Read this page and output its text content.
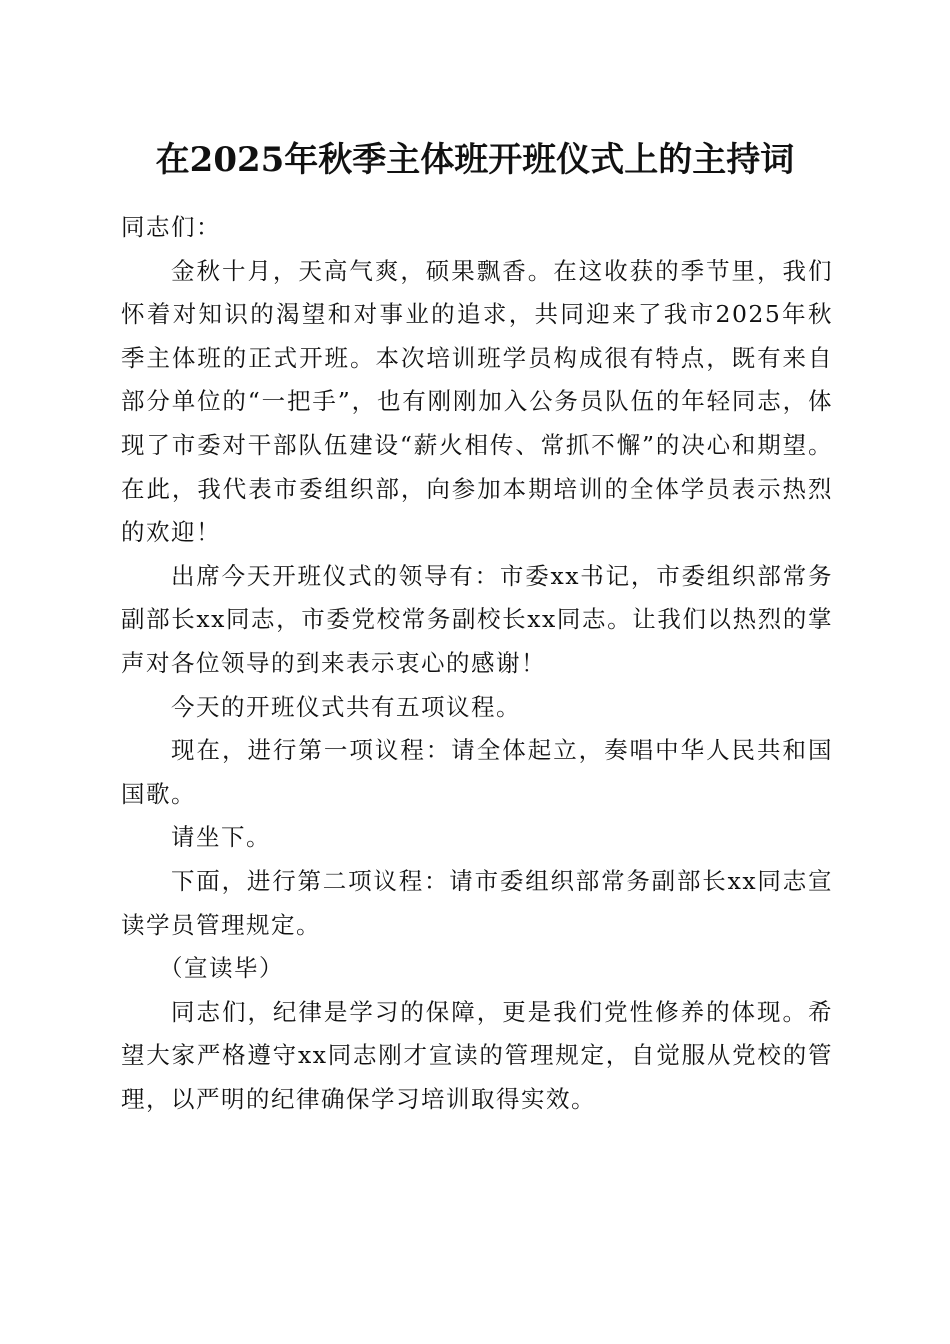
在2025年秋季主体班开班仪式上的主持词

同志们：

金秋十月，天高气爽，硕果飘香。在这收获的季节里，我们怀着对知识的渴望和对事业的追求，共同迎来了我市2025年秋季主体班的正式开班。本次培训班学员构成很有特点，既有来自部分单位的“一把手”，也有刚刚加入公务员队伍的年轻同志，体现了市委对干部队伍建设“薪火相传、常抓不懈”的决心和期望。在此，我代表市委组织部，向参加本期培训的全体学员表示热烈的欢迎！

出席今天开班仪式的领导有：市委xx书记，市委组织部常务副部长xx同志，市委党校常务副校长xx同志。让我们以热烈的掌声对各位领导的到来表示衷心的感谢！

今天的开班仪式共有五项议程。

现在，进行第一项议程：请全体起立，奏唱中华人民共和国国歌。

请坐下。

下面，进行第二项议程：请市委组织部常务副部长xx同志宣读学员管理规定。

（宣读毕）

同志们，纪律是学习的保障，更是我们党性修养的体现。希望大家严格遵守xx同志刚才宣读的管理规定，自觉服从党校的管理，以严明的纪律确保学习培训取得实效。
